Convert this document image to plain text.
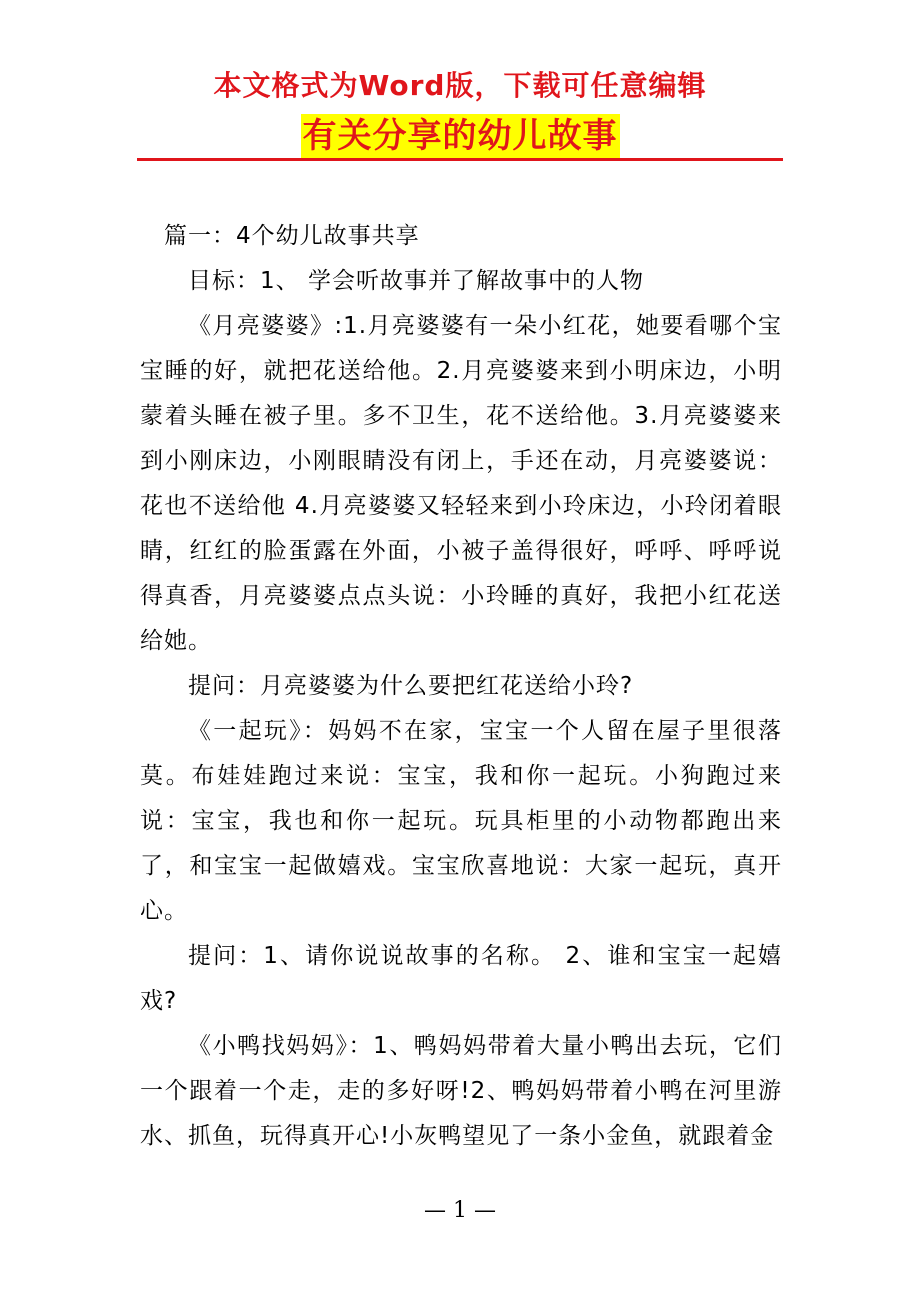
本文格式为Word版，下载可任意编辑
有关分享的幼儿故事

篇一：4个幼儿故事共享

目标：1、 学会听故事并了解故事中的人物

《月亮婆婆》:1.月亮婆婆有一朵小红花，她要看哪个宝宝睡的好，就把花送给他。2.月亮婆婆来到小明床边，小明蒙着头睡在被子里。多不卫生，花不送给他。3.月亮婆婆来到小刚床边，小刚眼睛没有闭上，手还在动，月亮婆婆说：花也不送给他 4.月亮婆婆又轻轻来到小玲床边，小玲闭着眼睛，红红的脸蛋露在外面，小被子盖得很好，呼呼、呼呼说得真香，月亮婆婆点点头说：小玲睡的真好，我把小红花送给她。

提问：月亮婆婆为什么要把红花送给小玲?

《一起玩》：妈妈不在家，宝宝一个人留在屋子里很落莫。布娃娃跑过来说：宝宝，我和你一起玩。小狗跑过来说：宝宝，我也和你一起玩。玩具柜里的小动物都跑出来了，和宝宝一起做嬉戏。宝宝欣喜地说：大家一起玩，真开心。

提问：1、请你说说故事的名称。 2、谁和宝宝一起嬉戏?

《小鸭找妈妈》：1、鸭妈妈带着大量小鸭出去玩，它们一个跟着一个走，走的多好呀!2、鸭妈妈带着小鸭在河里游水、抓鱼，玩得真开心!小灰鸭望见了一条小金鱼，就跟着金

— 1 —
